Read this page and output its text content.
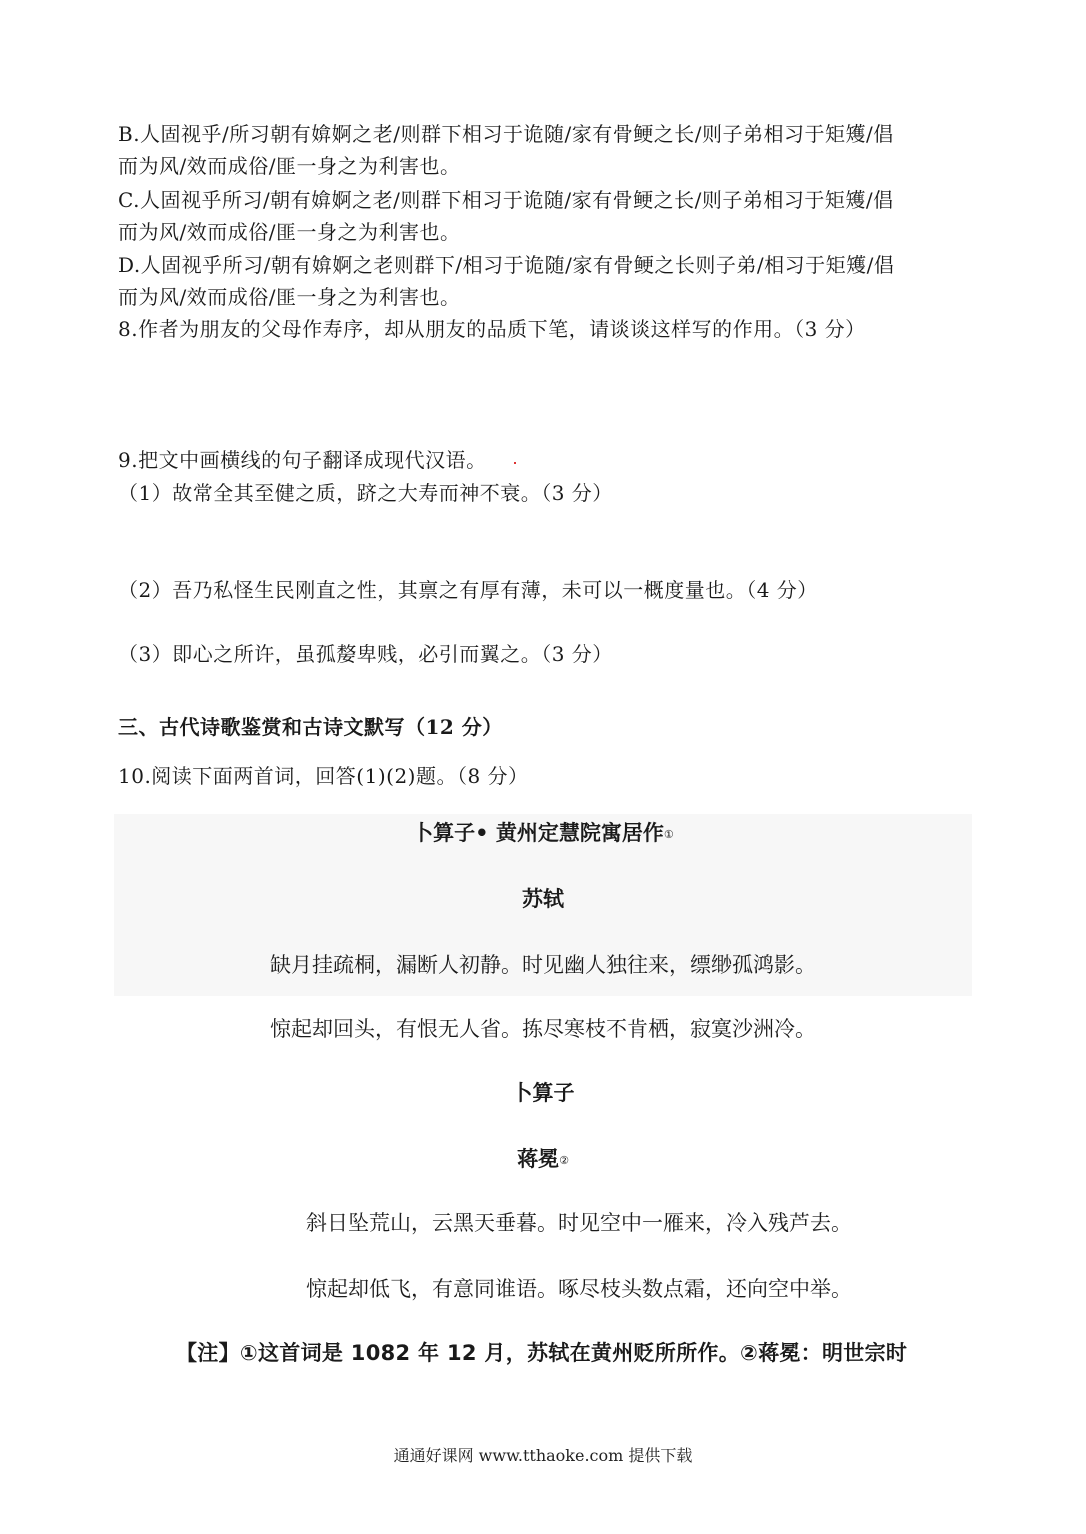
B.人固视乎/所习朝有媕婀之老/则群下相习于诡随/家有骨鲠之长/则子弟相习于矩矱/倡
而为风/效而成俗/匪一身之为利害也。
C.人固视乎所习/朝有媕婀之老/则群下相习于诡随/家有骨鲠之长/则子弟相习于矩矱/倡
而为风/效而成俗/匪一身之为利害也。
D.人固视乎所习/朝有媕婀之老则群下/相习于诡随/家有骨鲠之长则子弟/相习于矩矱/倡
而为风/效而成俗/匪一身之为利害也。
8.作者为朋友的父母作寿序，却从朋友的品质下笔，请谈谈这样写的作用。（3 分）
9.把文中画横线的句子翻译成现代汉语。
（1）故常全其至健之质，跻之大寿而神不衰。（3 分）
（2）吾乃私怪生民刚直之性，其禀之有厚有薄，未可以一概度量也。（4 分）
（3）即心之所许，虽孤嫠卑贱，必引而翼之。（3 分）
三、古代诗歌鉴赏和古诗文默写（12 分）
10.阅读下面两首词，回答(1)(2)题。（8 分）
卜算子• 黄州定慧院寓居作①
苏轼
缺月挂疏桐，漏断人初静。时见幽人独往来，缥缈孤鸿影。
惊起却回头，有恨无人省。拣尽寒枝不肯栖，寂寞沙洲冷。
卜算子
蒋冕②
斜日坠荒山，云黑天垂暮。时见空中一雁来，冷入残芦去。
惊起却低飞，有意同谁语。啄尽枝头数点霜，还向空中举。
【注】①这首词是 1082 年 12 月，苏轼在黄州贬所所作。②蒋冕：明世宗时
通通好课网 www.tthaoke.com 提供下载
